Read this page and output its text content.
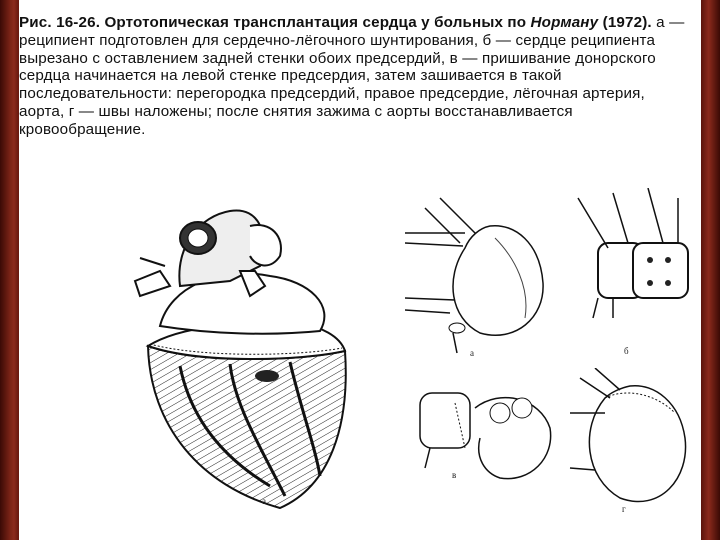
Рис. 16-26. Ортотопическая трансплантация сердца у больных по Норману (1972). а — реципиент подготовлен для сердечно-лёгочного шунтирования, б — сердце реципиента вырезано с оставлением задней стенки обоих предсердий, в — пришивание донорского сердца начинается на левой стенке предсердия, затем зашивается в такой последовательности: перегородка предсердий, правое предсердие, лёгочная артерия, аорта, г — швы наложены; после снятия зажима с аорты восстанавливается кровообращение.
а
а	б
в
г
